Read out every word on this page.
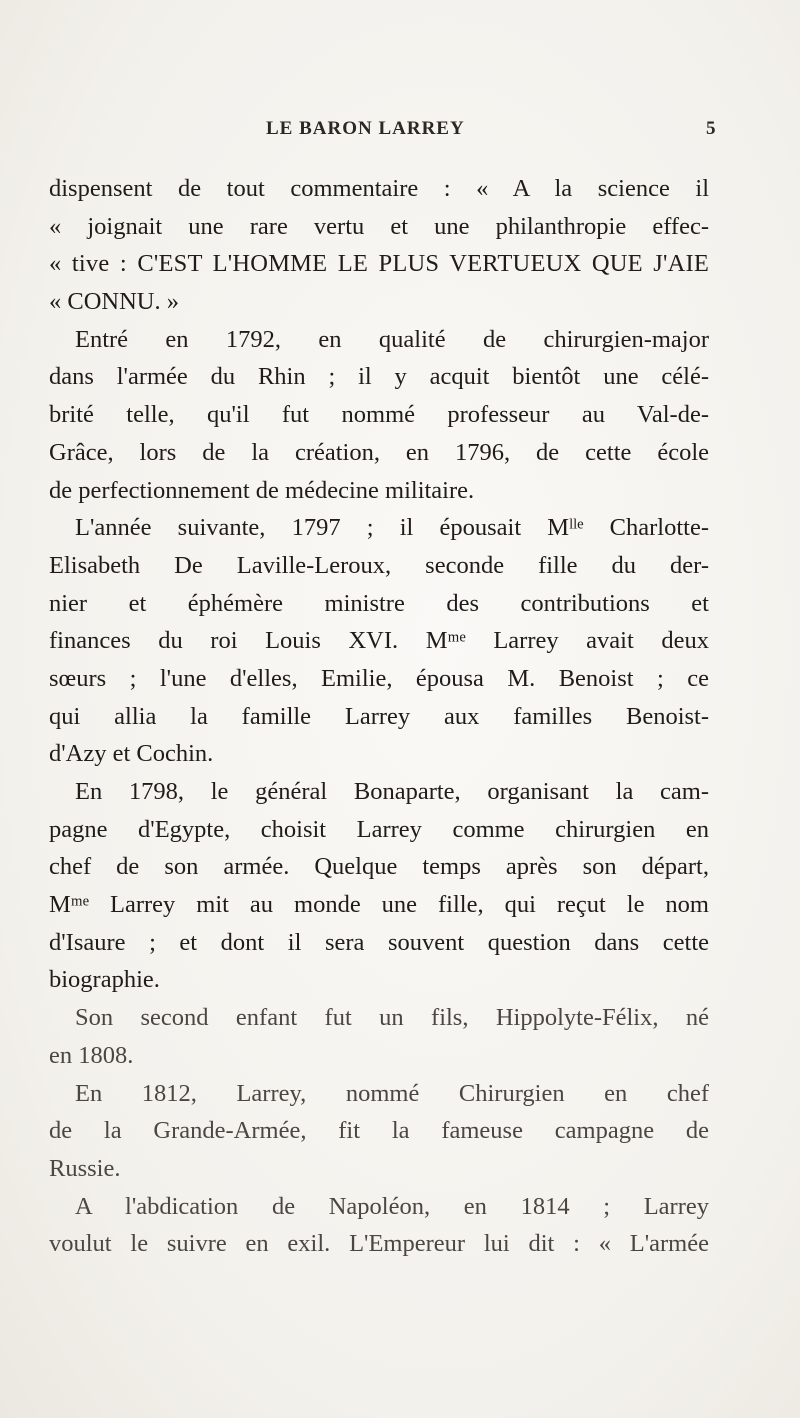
LE BARON LARREY	5
dispensent de tout commentaire : « A la science il
« joignait une rare vertu et une philanthropie effec-
« tive : C'EST L'HOMME LE PLUS VERTUEUX QUE J'AIE
« CONNU. »
Entré en 1792, en qualité de chirurgien-major
dans l'armée du Rhin ; il y acquit bientôt une célé-
brité telle, qu'il fut nommé professeur au Val-de-
Grâce, lors de la création, en 1796, de cette école
de perfectionnement de médecine militaire.
L'année suivante, 1797 ; il épousait Mˡˡᵉ Charlotte-
Elisabeth De Laville-Leroux, seconde fille du der-
nier et éphémère ministre des contributions et
finances du roi Louis XVI. Mᵐᵉ Larrey avait deux
sœurs ; l'une d'elles, Emilie, épousa M. Benoist ; ce
qui allia la famille Larrey aux familles Benoist-
d'Azy et Cochin.
En 1798, le général Bonaparte, organisant la cam-
pagne d'Egypte, choisit Larrey comme chirurgien en
chef de son armée. Quelque temps après son départ,
Mᵐᵉ Larrey mit au monde une fille, qui reçut le nom
d'Isaure ; et dont il sera souvent question dans cette
biographie.
Son second enfant fut un fils, Hippolyte-Félix, né
en 1808.
En 1812, Larrey, nommé Chirurgien en chef
de la Grande-Armée, fit la fameuse campagne de
Russie.
A l'abdication de Napoléon, en 1814 ; Larrey
voulut le suivre en exil. L'Empereur lui dit : « L'armée
